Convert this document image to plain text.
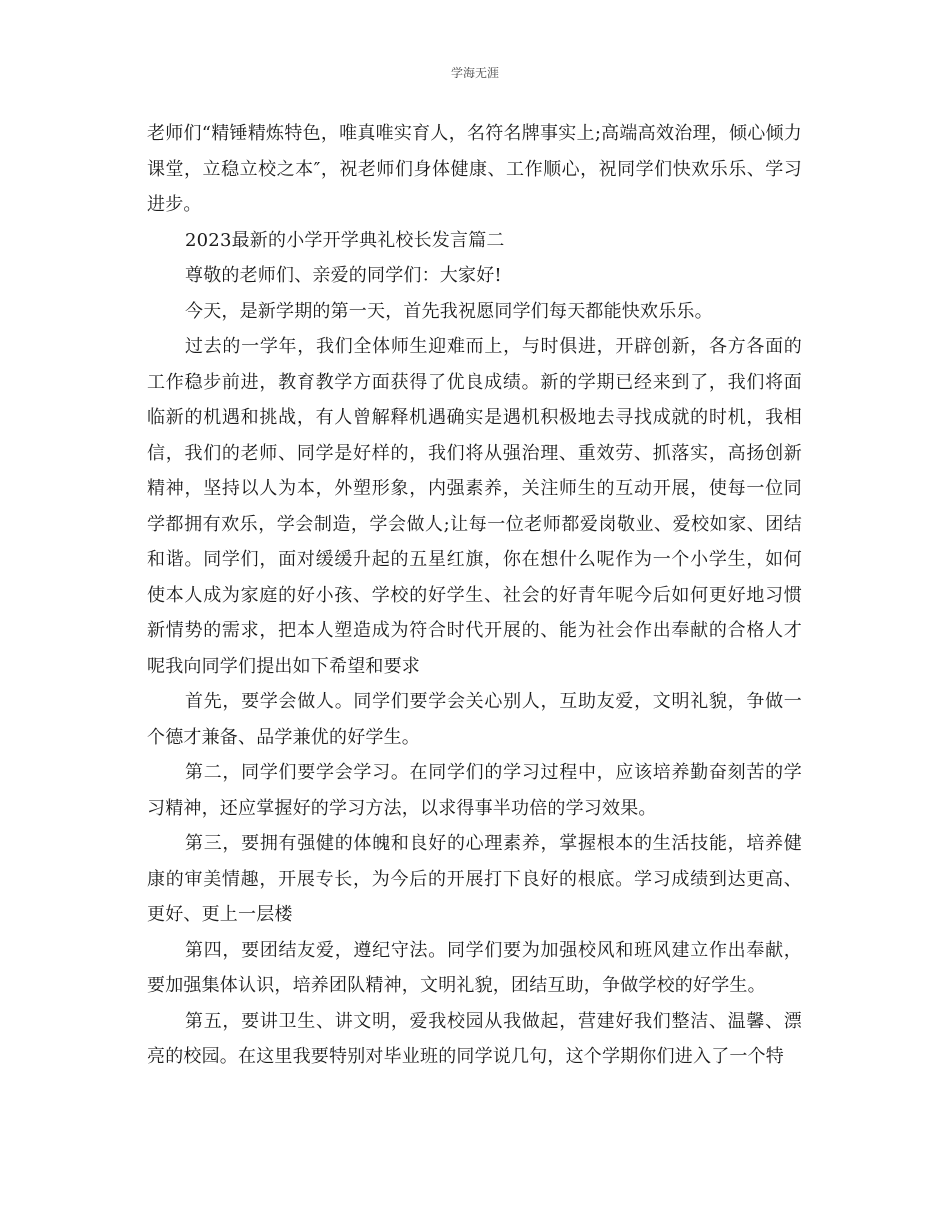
学海无涯

老师们“精锤精炼特色，唯真唯实育人，名符名牌事实上;高端高效治理，倾心倾力课堂，立稳立校之本″，祝老师们身体健康、工作顺心，祝同学们快欢乐乐、学习进步。

2023最新的小学开学典礼校长发言篇二

尊敬的老师们、亲爱的同学们：大家好!

今天，是新学期的第一天，首先我祝愿同学们每天都能快欢乐乐。

过去的一学年，我们全体师生迎难而上，与时俱进，开辟创新，各方各面的工作稳步前进，教育教学方面获得了优良成绩。新的学期已经来到了，我们将面临新的机遇和挑战，有人曾解释机遇确实是遇机积极地去寻找成就的时机，我相信，我们的老师、同学是好样的，我们将从强治理、重效劳、抓落实，高扬创新精神，坚持以人为本，外塑形象，内强素养，关注师生的互动开展，使每一位同学都拥有欢乐，学会制造，学会做人;让每一位老师都爱岗敬业、爱校如家、团结和谐。同学们，面对缓缓升起的五星红旗，你在想什么呢作为一个小学生，如何使本人成为家庭的好小孩、学校的好学生、社会的好青年呢今后如何更好地习惯新情势的需求，把本人塑造成为符合时代开展的、能为社会作出奉献的合格人才呢我向同学们提出如下希望和要求

首先，要学会做人。同学们要学会关心别人，互助友爱，文明礼貌，争做一个德才兼备、品学兼优的好学生。

第二，同学们要学会学习。在同学们的学习过程中，应该培养勤奋刻苦的学习精神，还应掌握好的学习方法，以求得事半功倍的学习效果。

第三，要拥有强健的体魄和良好的心理素养，掌握根本的生活技能，培养健康的审美情趣，开展专长，为今后的开展打下良好的根底。学习成绩到达更高、更好、更上一层楼

第四，要团结友爱，遵纪守法。同学们要为加强校风和班风建立作出奉献，要加强集体认识，培养团队精神，文明礼貌，团结互助，争做学校的好学生。

第五，要讲卫生、讲文明，爱我校园从我做起，营建好我们整洁、温馨、漂亮的校园。在这里我要特别对毕业班的同学说几句，这个学期你们进入了一个特
